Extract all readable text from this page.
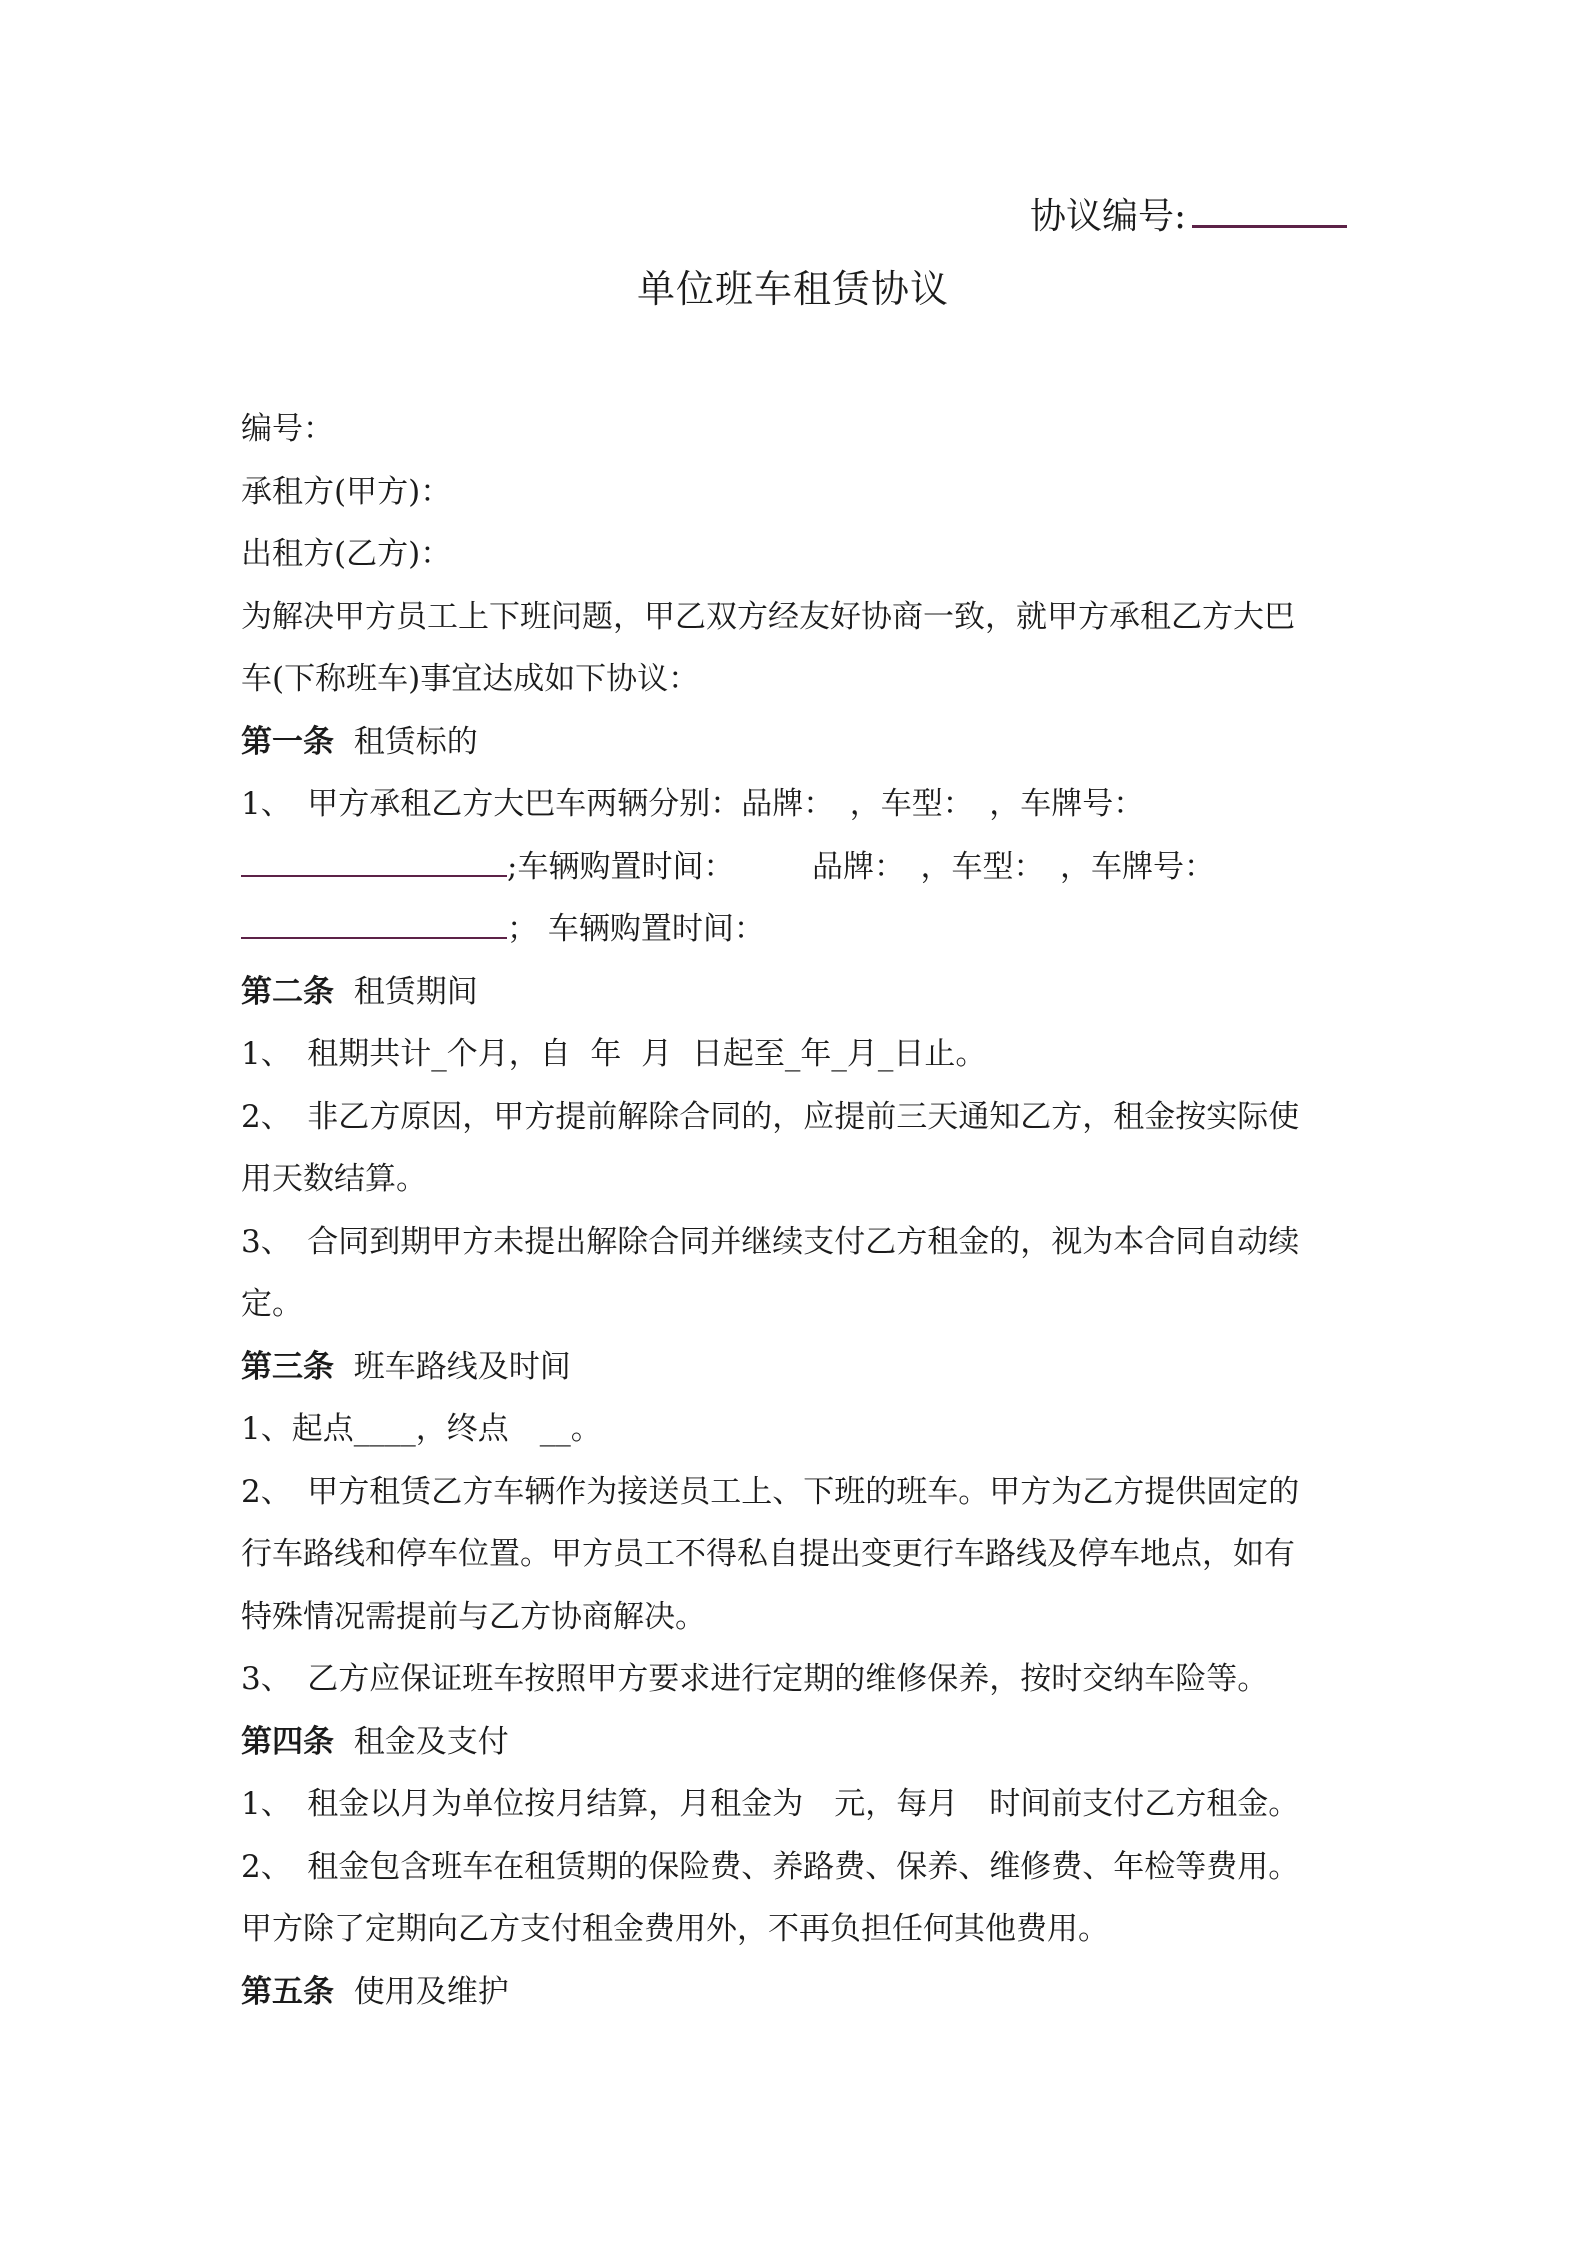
协议编号:
单位班车租赁协议
编号：
承租方(甲方)：
出租方(乙方)：
为解决甲方员工上下班问题，甲乙双方经友好协商一致，就甲方承租乙方大巴
车(下称班车)事宜达成如下协议：
第一条  租赁标的
1、　甲方承租乙方大巴车两辆分别：品牌：　，车型：　，车牌号：
;车辆购置时间：　　　品牌：　，车型：　，车牌号：
； 车辆购置时间：
第二条  租赁期间
1、　租期共计_个月，自  年  月  日起至_年_月_日止。
2、　非乙方原因，甲方提前解除合同的，应提前三天通知乙方，租金按实际使
用天数结算。
3、　合同到期甲方未提出解除合同并继续支付乙方租金的，视为本合同自动续
定。
第三条  班车路线及时间
1、起点____，终点　__。
2、　甲方租赁乙方车辆作为接送员工上、下班的班车。甲方为乙方提供固定的
行车路线和停车位置。甲方员工不得私自提出变更行车路线及停车地点，如有
特殊情况需提前与乙方协商解决。
3、　乙方应保证班车按照甲方要求进行定期的维修保养，按时交纳车险等。
第四条  租金及支付
1、　租金以月为单位按月结算，月租金为　元，每月　时间前支付乙方租金。
2、　租金包含班车在租赁期的保险费、养路费、保养、维修费、年检等费用。
甲方除了定期向乙方支付租金费用外，不再负担任何其他费用。
第五条  使用及维护
